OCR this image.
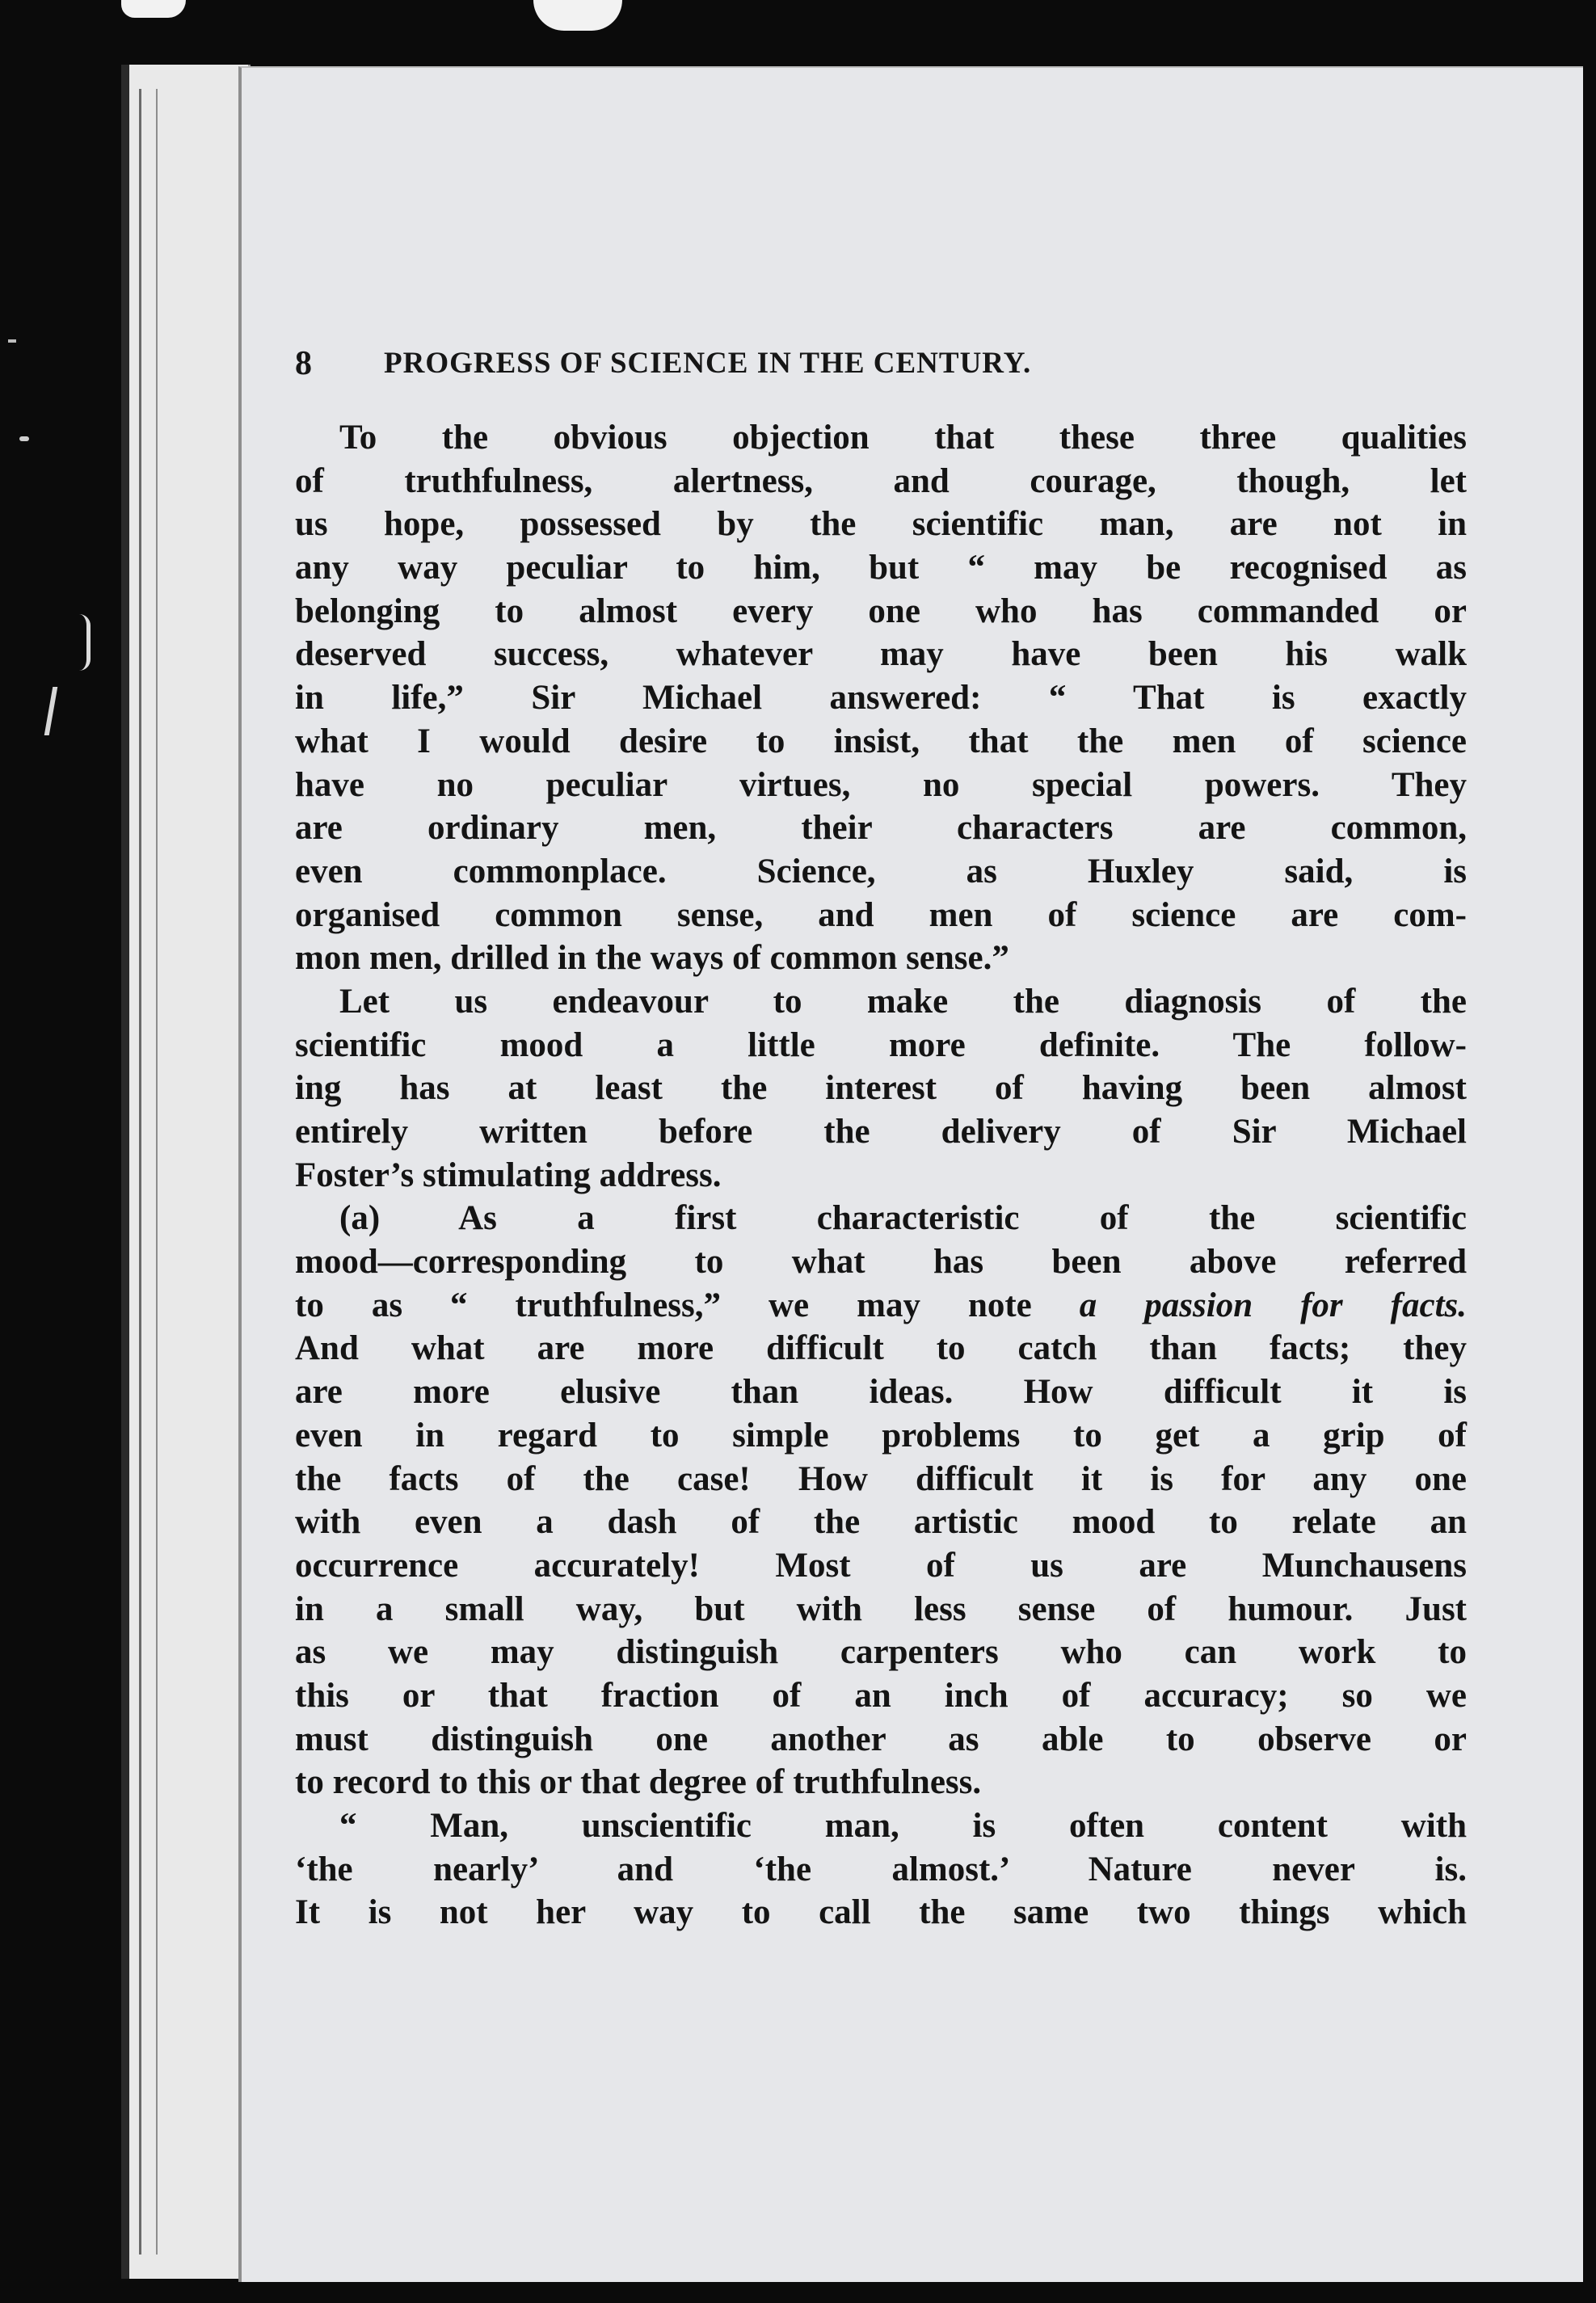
8 PROGRESS OF SCIENCE IN THE CENTURY.
To the obvious objection that these three qualities
of truthfulness, alertness, and courage, though, let
us hope, possessed by the scientific man, are not in
any way peculiar to him, but “ may be recognised as
belonging to almost every one who has commanded or
deserved success, whatever may have been his walk
in life,” Sir Michael answered: “ That is exactly
what I would desire to insist, that the men of science
have no peculiar virtues, no special powers. They
are ordinary men, their characters are common,
even commonplace. Science, as Huxley said, is
organised common sense, and men of science are com-
mon men, drilled in the ways of common sense.”
Let us endeavour to make the diagnosis of the
scientific mood a little more definite. The follow-
ing has at least the interest of having been almost
entirely written before the delivery of Sir Michael
Foster’s stimulating address.
(a) As a first characteristic of the scientific
mood—corresponding to what has been above referred
to as “ truthfulness,” we may note a passion for facts.
And what are more difficult to catch than facts; they
are more elusive than ideas. How difficult it is
even in regard to simple problems to get a grip of
the facts of the case! How difficult it is for any one
with even a dash of the artistic mood to relate an
occurrence accurately! Most of us are Munchausens
in a small way, but with less sense of humour. Just
as we may distinguish carpenters who can work to
this or that fraction of an inch of accuracy; so we
must distinguish one another as able to observe or
to record to this or that degree of truthfulness.
“ Man, unscientific man, is often content with
‘the nearly’ and ‘the almost.’ Nature never is.
It is not her way to call the same two things which
